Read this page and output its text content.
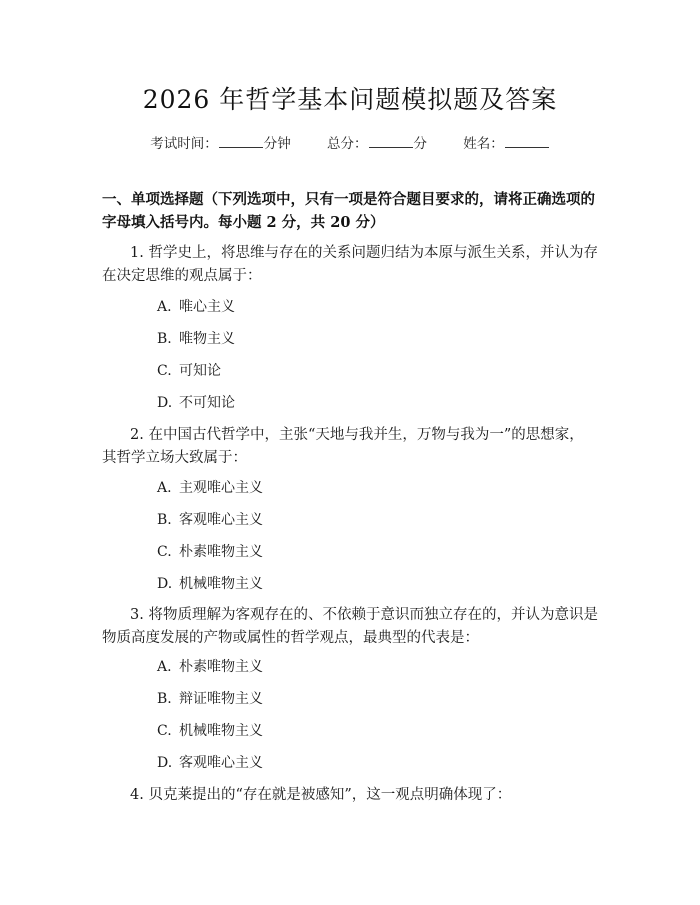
2026 年哲学基本问题模拟题及答案
考试时间：	分钟	总分：	分	姓名：
一、单项选择题（下列选项中，只有一项是符合题目要求的，请将正确选项的字母填入括号内。每小题 2 分，共 20 分）
1. 哲学史上，将思维与存在的关系问题归结为本原与派生关系，并认为存在决定思维的观点属于：
A. 唯心主义
B. 唯物主义
C. 可知论
D. 不可知论
2. 在中国古代哲学中，主张“天地与我并生，万物与我为一”的思想家，其哲学立场大致属于：
A. 主观唯心主义
B. 客观唯心主义
C. 朴素唯物主义
D. 机械唯物主义
3. 将物质理解为客观存在的、不依赖于意识而独立存在的，并认为意识是物质高度发展的产物或属性的哲学观点，最典型的代表是：
A. 朴素唯物主义
B. 辩证唯物主义
C. 机械唯物主义
D. 客观唯心主义
4. 贝克莱提出的“存在就是被感知”，这一观点明确体现了：
